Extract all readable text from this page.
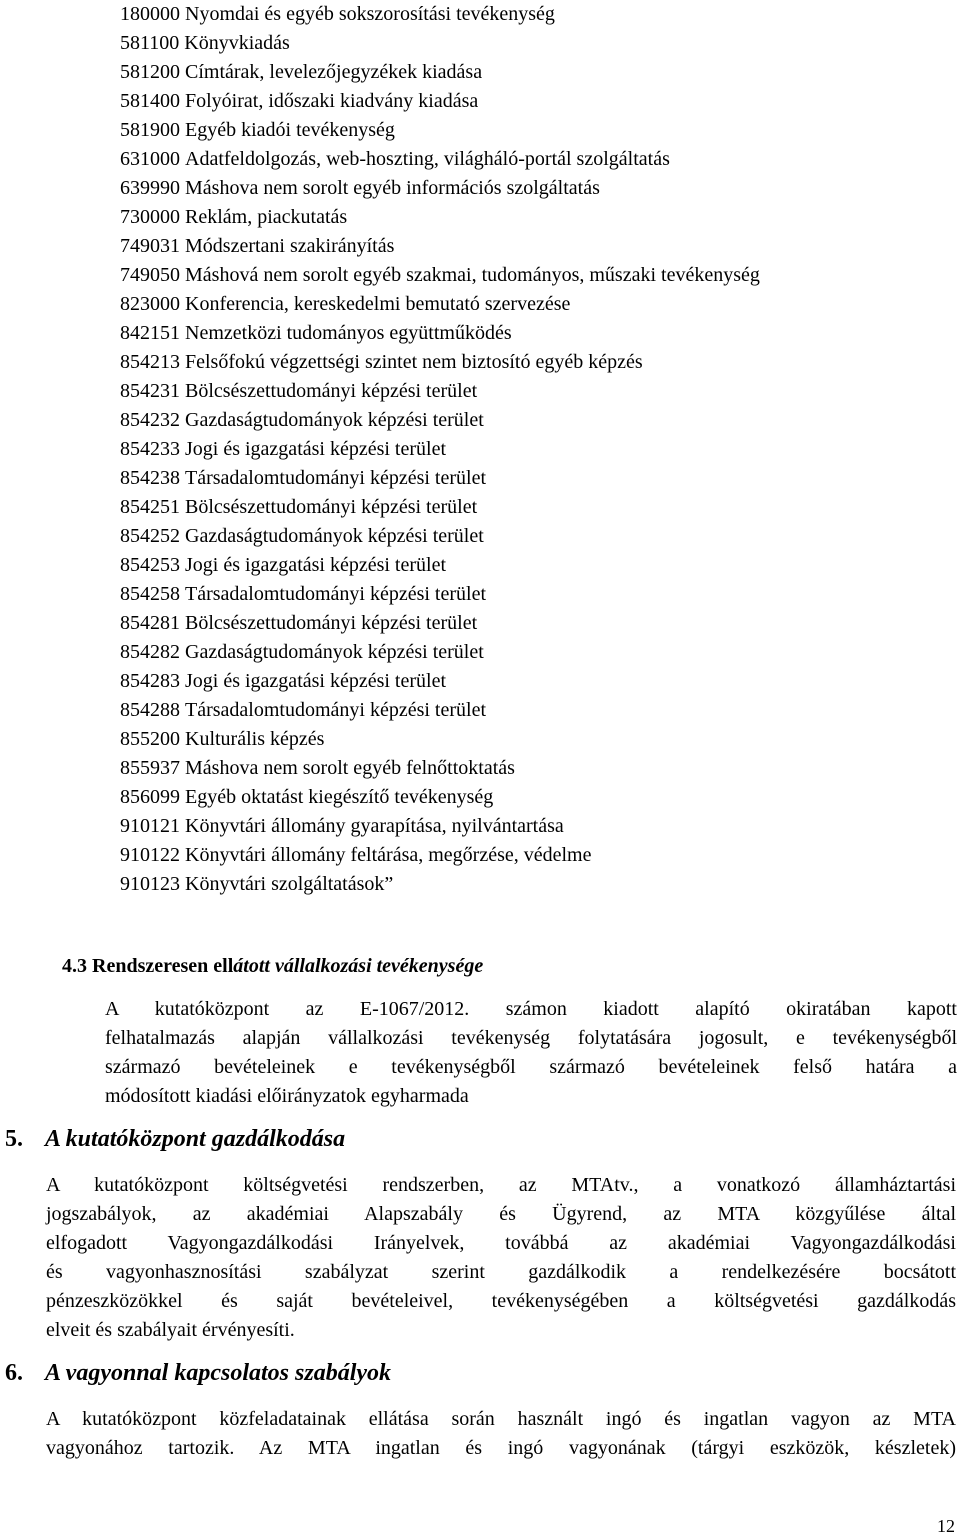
180000 Nyomdai és egyéb sokszorosítási tevékenység
581100 Könyvkiadás
581200 Címtárak, levelezőjegyzékek kiadása
581400 Folyóirat, időszaki kiadvány kiadása
581900 Egyéb kiadói tevékenység
631000 Adatfeldolgozás, web-hoszting, világháló-portál szolgáltatás
639990 Máshova nem sorolt egyéb információs szolgáltatás
730000 Reklám, piackutatás
749031 Módszertani szakirányítás
749050 Máshová nem sorolt egyéb szakmai, tudományos, műszaki tevékenység
823000 Konferencia, kereskedelmi bemutató szervezése
842151 Nemzetközi tudományos együttműködés
854213 Felsőfokú végzettségi szintet nem biztosító egyéb képzés
854231 Bölcsészettudományi képzési terület
854232 Gazdaságtudományok képzési terület
854233 Jogi és igazgatási képzési terület
854238 Társadalomtudományi képzési terület
854251 Bölcsészettudományi képzési terület
854252 Gazdaságtudományok képzési terület
854253 Jogi és igazgatási képzési terület
854258 Társadalomtudományi képzési terület
854281 Bölcsészettudományi képzési terület
854282 Gazdaságtudományok képzési terület
854283 Jogi és igazgatási képzési terület
854288 Társadalomtudományi képzési terület
855200 Kulturális képzés
855937 Máshova nem sorolt egyéb felnőttoktatás
856099 Egyéb oktatást kiegészítő tevékenység
910121 Könyvtári állomány gyarapítása, nyilvántartása
910122 Könyvtári állomány feltárása, megőrzése, védelme
910123 Könyvtári szolgáltatások”
4.3 Rendszeresen ellátott vállalkozási tevékenysége

A kutatóközpont az E-1067/2012. számon kiadott alapító okiratában kapott
felhatalmazás alapján vállalkozási tevékenység folytatására jogosult, e tevékenységből
származó bevételeinek e tevékenységből származó bevételeinek felső határa a
módosított kiadási előirányzatok egyharmada

5. A kutatóközpont gazdálkodása

A kutatóközpont költségvetési rendszerben, az MTAtv., a vonatkozó államháztartási
jogszabályok, az akadémiai Alapszabály és Ügyrend, az MTA közgyűlése által
elfogadott Vagyongazdálkodási Irányelvek, továbbá az akadémiai Vagyongazdálkodási
és vagyonhasznosítási szabályzat szerint gazdálkodik a rendelkezésére bocsátott
pénzeszközökkel és saját bevételeivel, tevékenységében a költségvetési gazdálkodás
elveit és szabályait érvényesíti.

6. A vagyonnal kapcsolatos szabályok

A kutatóközpont közfeladatainak ellátása során használt ingó és ingatlan vagyon az MTA
vagyonához tartozik. Az MTA ingatlan és ingó vagyonának (tárgyi eszközök, készletek)

12
